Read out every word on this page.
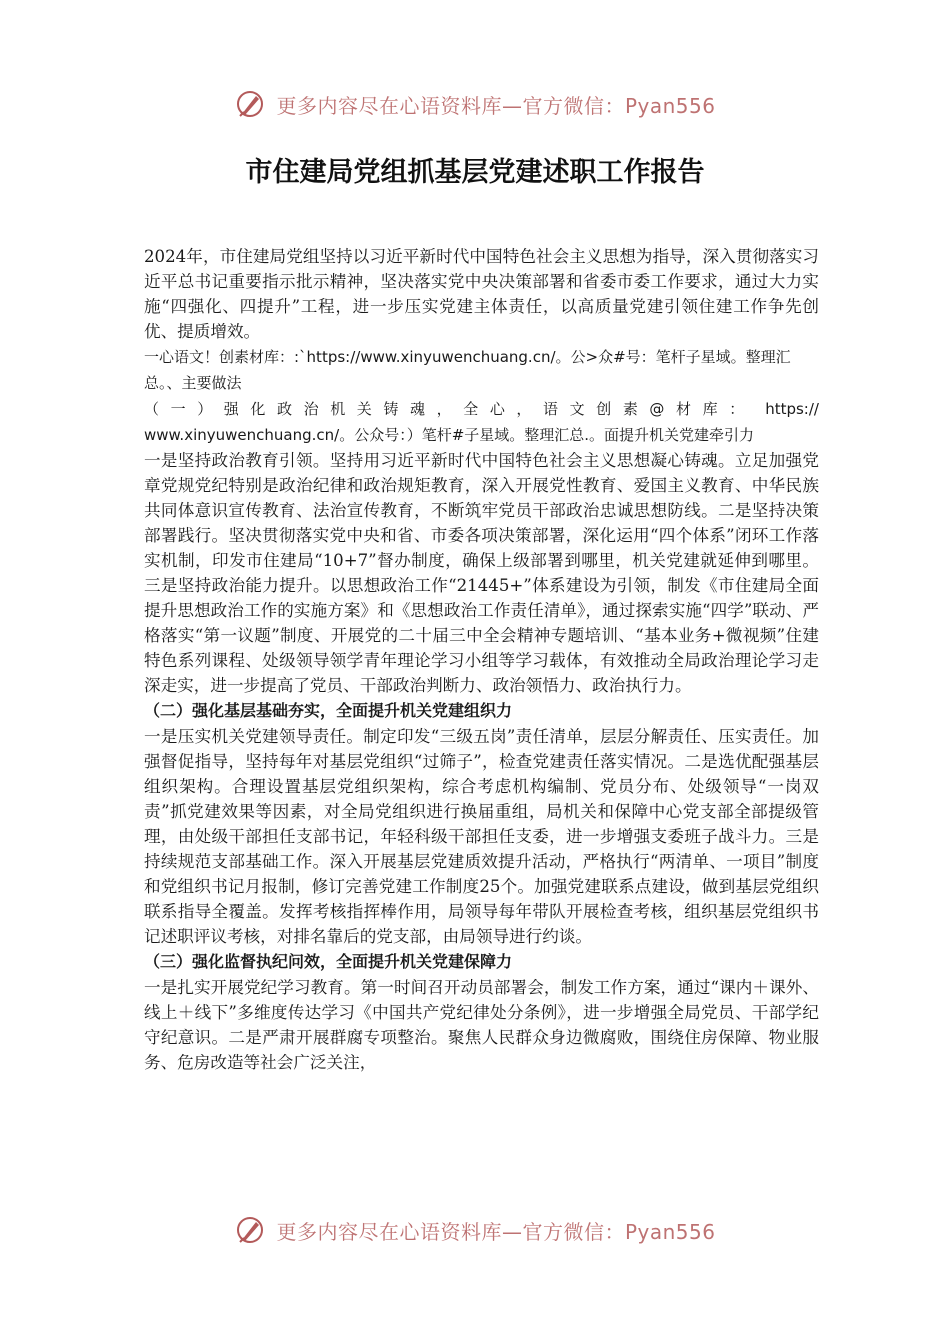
更多内容尽在心语资料库—官方微信：Pyan556
市住建局党组抓基层党建述职工作报告

2024年，市住建局党组坚持以习近平新时代中国特色社会主义思想为指导，深入贯彻落实习近平总书记重要指示批示精神，坚决落实党中央决策部署和省委市委工作要求，通过大力实施“四强化、四提升”工程，进一步压实党建主体责任，以高质量党建引领住建工作争先创优、提质增效。

一心语文！创素材库：:`https://www.xinyuwenchuang.cn/。公>众#号：笔杆子星域。整理汇总。、主要做法

（一）强化政治机关铸魂，全心，语文创素@材库： https:// www.xinyuwenchuang.cn/。公众号：）笔杆#子星域。整理汇总.。面提升机关党建牵引力

一是坚持政治教育引领。坚持用习近平新时代中国特色社会主义思想凝心铸魂。立足加强党章党规党纪特别是政治纪律和政治规矩教育，深入开展党性教育、爱国主义教育、中华民族共同体意识宣传教育、法治宣传教育，不断筑牢党员干部政治忠诚思想防线。二是坚持决策部署践行。坚决贯彻落实党中央和省、市委各项决策部署，深化运用“四个体系”闭环工作落实机制，印发市住建局“10+7”督办制度，确保上级部署到哪里，机关党建就延伸到哪里。三是坚持政治能力提升。以思想政治工作“21445+”体系建设为引领，制发《市住建局全面提升思想政治工作的实施方案》和《思想政治工作责任清单》，通过探索实施“四学”联动、严格落实“第一议题”制度、开展党的二十届三中全会精神专题培训、“基本业务+微视频”住建特色系列课程、处级领导领学青年理论学习小组等学习载体，有效推动全局政治理论学习走深走实，进一步提高了党员、干部政治判断力、政治领悟力、政治执行力。

（二）强化基层基础夯实，全面提升机关党建组织力

一是压实机关党建领导责任。制定印发“三级五岗”责任清单，层层分解责任、压实责任。加强督促指导，坚持每年对基层党组织“过筛子”，检查党建责任落实情况。二是选优配强基层组织架构。合理设置基层党组织架构，综合考虑机构编制、党员分布、处级领导“一岗双责”抓党建效果等因素，对全局党组织进行换届重组，局机关和保障中心党支部全部提级管理，由处级干部担任支部书记，年轻科级干部担任支委，进一步增强支委班子战斗力。三是持续规范支部基础工作。深入开展基层党建质效提升活动，严格执行“两清单、一项目”制度和党组织书记月报制，修订完善党建工作制度25个。加强党建联系点建设，做到基层党组织联系指导全覆盖。发挥考核指挥棒作用，局领导每年带队开展检查考核，组织基层党组织书记述职评议考核，对排名靠后的党支部，由局领导进行约谈。

（三）强化监督执纪问效，全面提升机关党建保障力

一是扎实开展党纪学习教育。第一时间召开动员部署会，制发工作方案，通过“课内＋课外、线上＋线下”多维度传达学习《中国共产党纪律处分条例》，进一步增强全局党员、干部学纪守纪意识。二是严肃开展群腐专项整治。聚焦人民群众身边微腐败，围绕住房保障、物业服务、危房改造等社会广泛关注，

更多内容尽在心语资料库—官方微信：Pyan556
